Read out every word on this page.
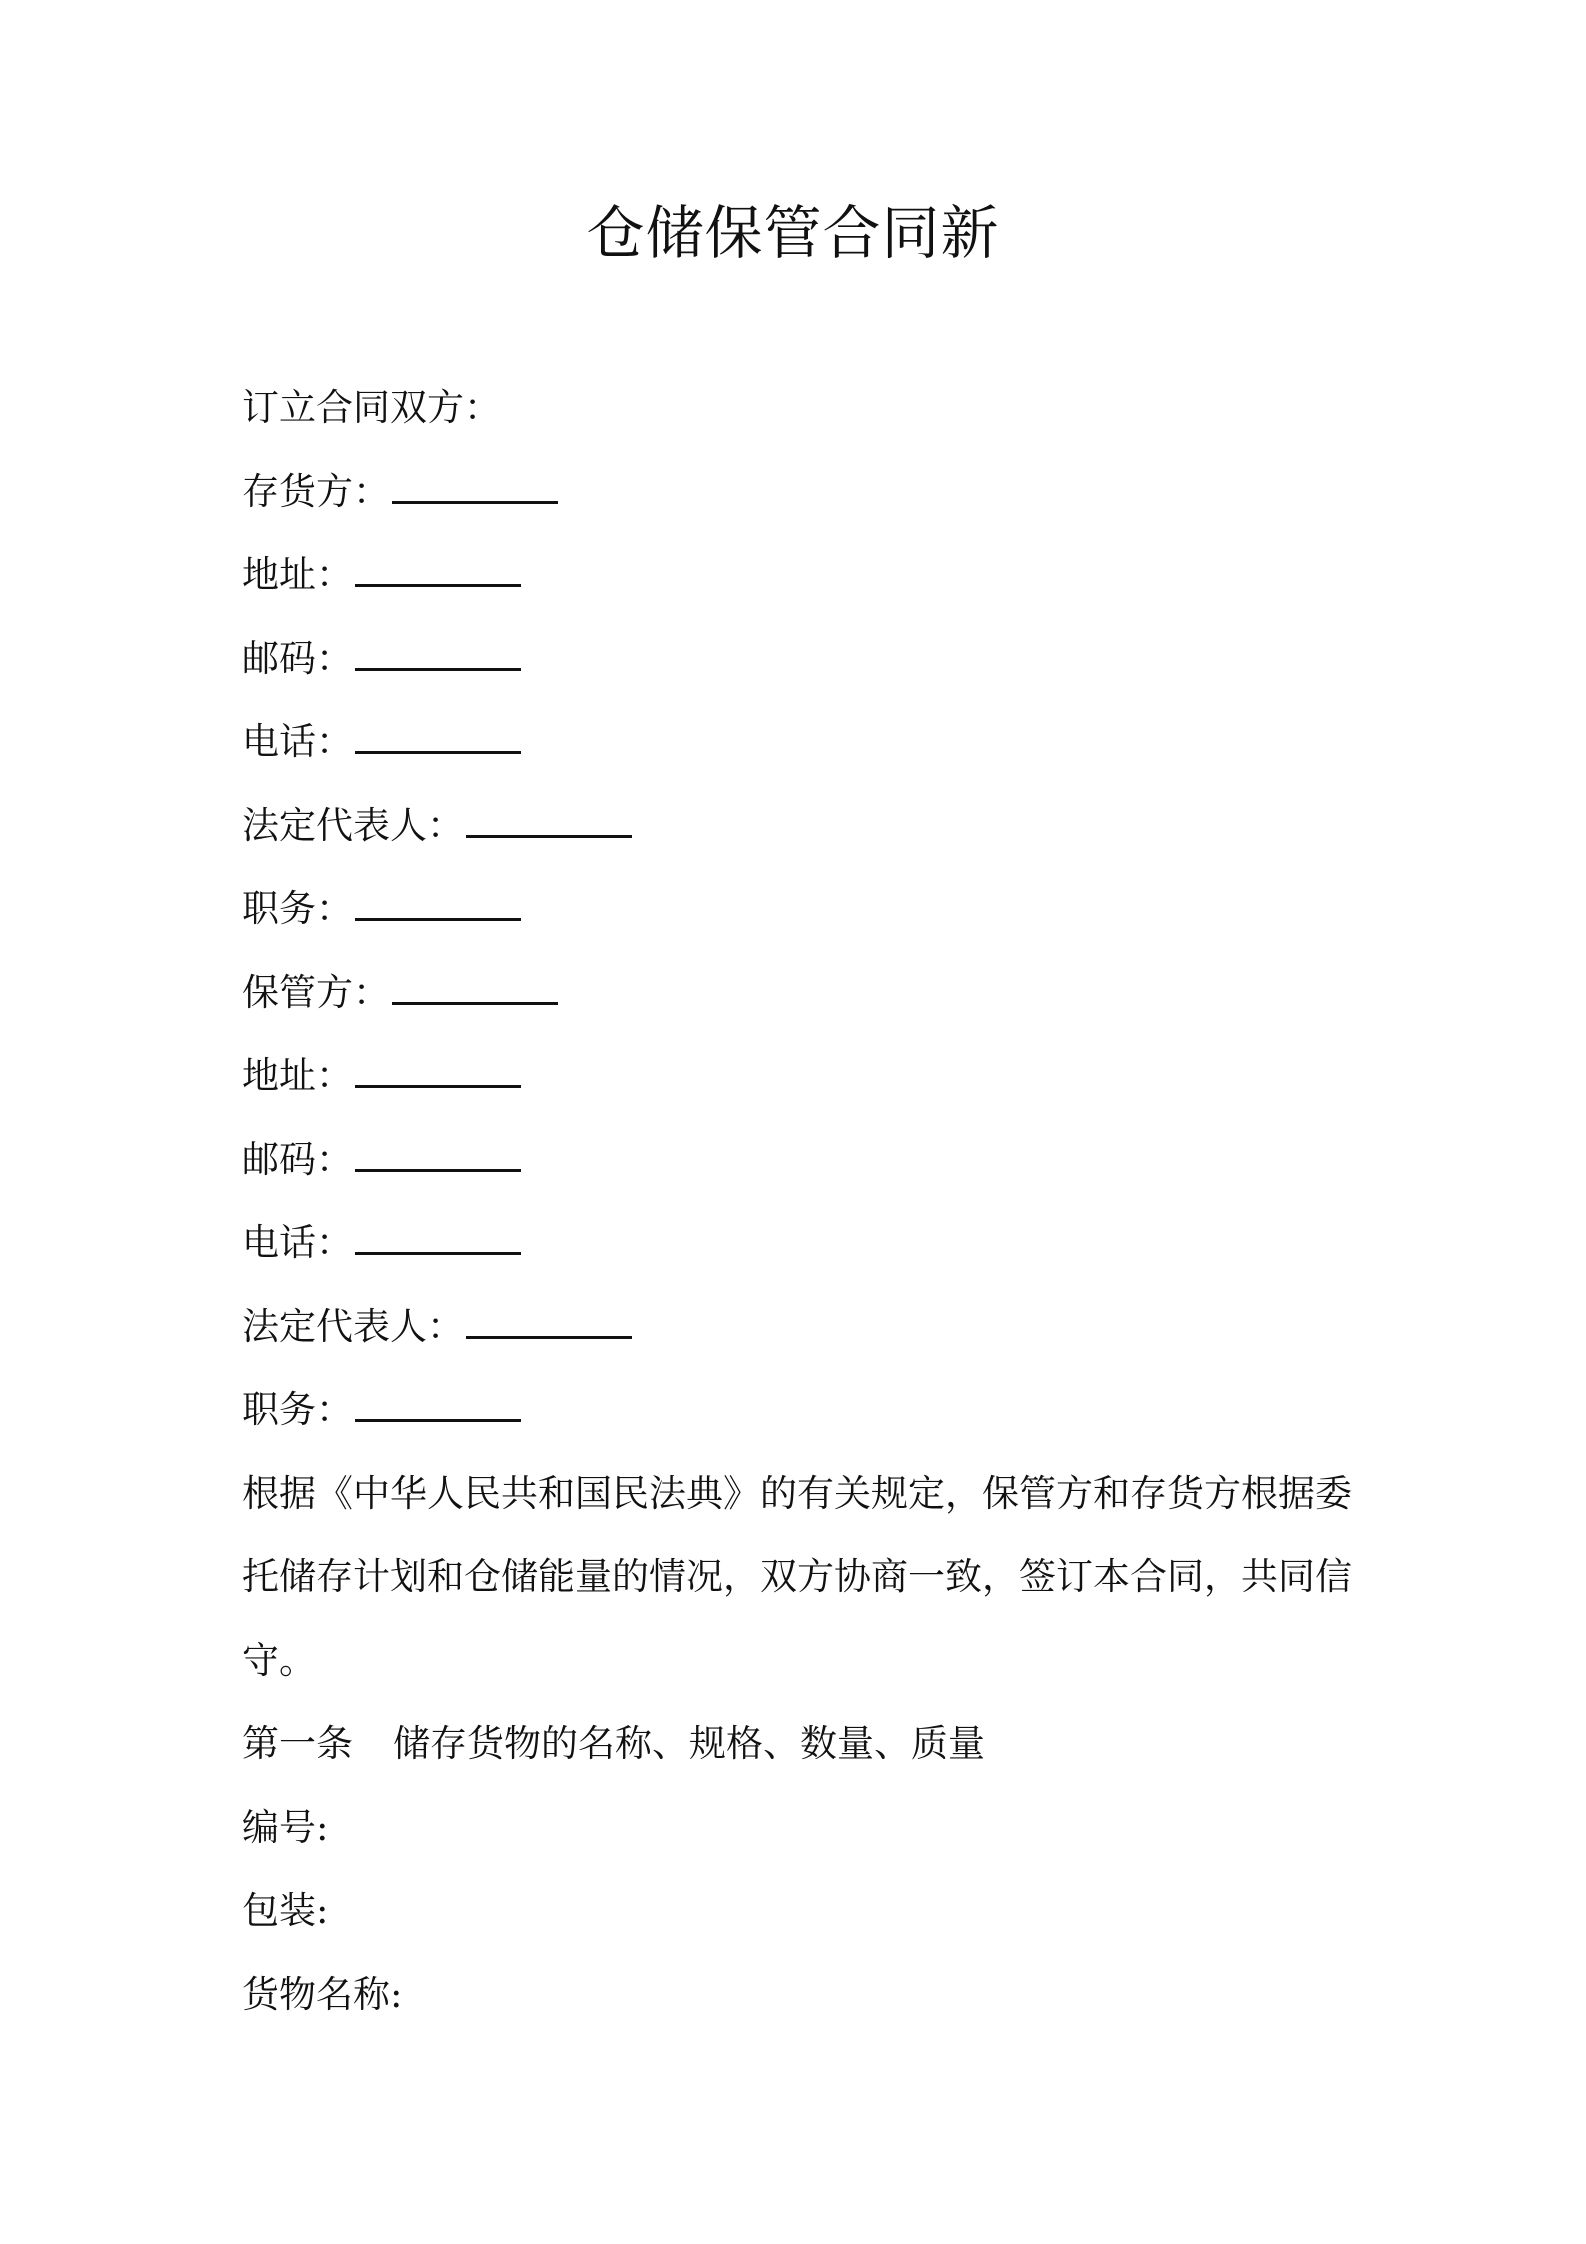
仓储保管合同新

订立合同双方：

存货方：

地址：

邮码：

电话：

法定代表人：

职务：

保管方：

地址：

邮码：

电话：

法定代表人：

职务：

根据《中华人民共和国民法典》的有关规定，保管方和存货方根据委托储存计划和仓储能量的情况，双方协商一致，签订本合同，共同信守。

第一条 储存货物的名称、规格、数量、质量

编号:

包装:

货物名称:
